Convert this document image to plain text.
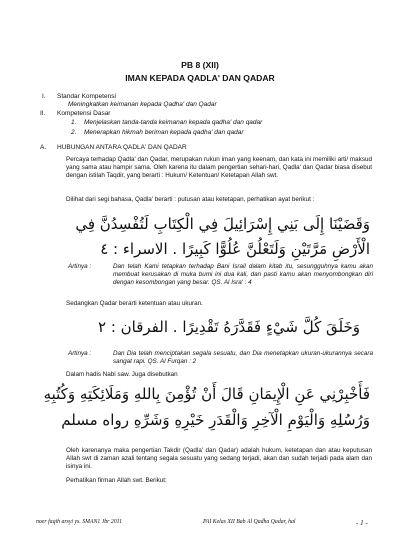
PB 8 (XII)
IMAN KEPADA QADLA' DAN QADAR
I. Standar Kompetensi
Meningkatkan keimanan kepada Qadha' dan Qadar
II. Kompetensi Dasar
1. Menjelaskan tanda-tanda keimanan kepada qadha' dan qadar
2. Menerapkan hikmah beriman kepada qadha' dan qadar
A. HUBUNGAN ANTARA QADLA' DAN QADAR
Percaya terhadap Qadla' dan Qadar, merupakan rukun iman yang keenam, dan kata ini memiliki arti/ maksud yang sama atau hampir sama. Oleh karena itu dalam pengertian sehari-hari, Qadla' dan Qadar biasa disebut dengan istilah Taqdir, yang berarti : Hukum/ Ketentuan/ Ketetapan Allah swt.
Dilihat dari segi bahasa, Qadla' berarti : putusan atau ketetapan, perhatikan ayat berikut :
وَقَضَيْنَا إِلَى بَنِي إِسْرَائِيلَ فِي الْكِتَابِ لَتُفْسِدُنَّ فِي
الْأَرْضِ مَرَّتَيْنِ وَلَتَعْلُنَّ عُلُوًّا كَبِيرًا . الاسراء : ٤
Artinya :	Dan telah Kami tetapkan terhadap Bani Israil dalam kitab itu, sesungguhnya kamu akan membuat kerusakan di muka bumi ini dua kali, dan pasti kamu akan menyombongkan diri dengan kesombongan yang besar. QS. Al Isra' : 4
Sedangkan Qadar berarti ketentuan atau ukuran.
وَخَلَقَ كُلَّ شَيْءٍ فَقَدَّرَهُ تَقْدِيرًا . الفرقان : ٢
Artinya :	Dan Dia telah menciptakan segala sesuatu, dan Dia menetapkan ukuran-ukurannya secara sangat rapi. QS. Al Furqan : 2
Dalam hadis Nabi saw. Juga disebutkan
فَأَخْبِرْنِي عَنِ الْإِيمَانِ قَالَ أَنْ تُؤْمِنَ بِاللهِ وَمَلَائِكَتِهِ وَكُتُبِهِ
وَرُسُلِهِ وَالْيَوْمِ الْآخِرِ وَالْقَدَرِ خَيْرِهِ وَشَرِّهِ رواه مسلم
Oleh karenanya maka pengertian Takdir (Qadla' dan Qadar) adalah hukum, ketetapan dan atau keputusan Allah swt di zaman azali tentang segala sesuatu yang sedang terjadi, akan dan sudah terjadi pada alam dan isinya ini.
Perhatikan firman Allah swt. Berikut:
noer faqih arsyi ys. SMAN1 Jbr 2011	PAI Kelas XII Bab Al Qadha Qadar, hal	- 1 -
